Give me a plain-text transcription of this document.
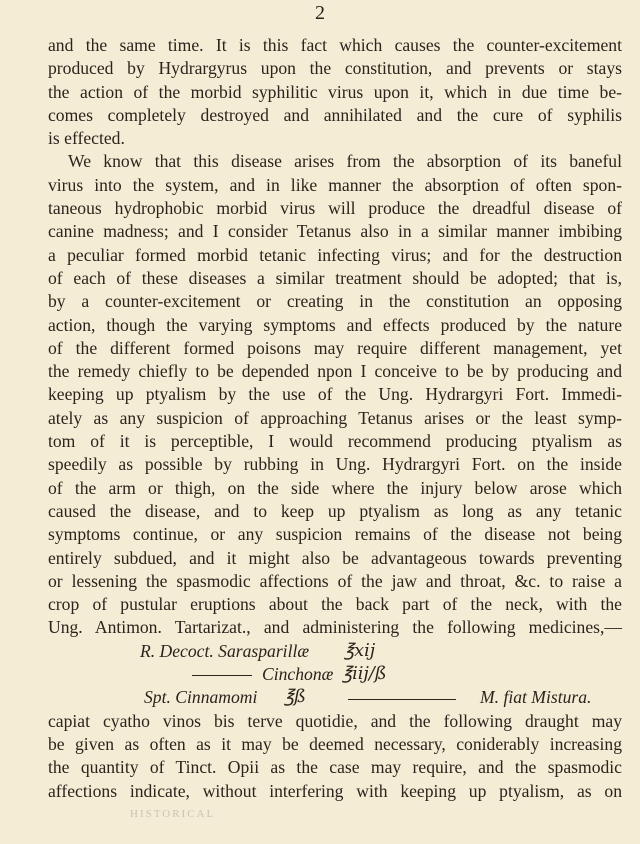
2
and the same time. It is this fact which causes the counter-excitement
produced by Hydrargyrus upon the constitution, and prevents or stays
the action of the morbid syphilitic virus upon it, which in due time be-
comes completely destroyed and annihilated and the cure of syphilis
is effected.
We know that this disease arises from the absorption of its baneful
virus into the system, and in like manner the absorption of often spon-
taneous hydrophobic morbid virus will produce the dreadful disease of
canine madness; and I consider Tetanus also in a similar manner imbibing
a peculiar formed morbid tetanic infecting virus; and for the destruction
of each of these diseases a similar treatment should be adopted; that is,
by a counter-excitement or creating in the constitution an opposing
action, though the varying symptoms and effects produced by the nature
of the different formed poisons may require different management, yet
the remedy chiefly to be depended npon I conceive to be by producing and
keeping up ptyalism by the use of the Ung. Hydrargyri Fort. Immedi-
ately as any suspicion of approaching Tetanus arises or the least symp-
tom of it is perceptible, I would recommend producing ptyalism as
speedily as possible by rubbing in Ung. Hydrargyri Fort. on the inside
of the arm or thigh, on the side where the injury below arose which
caused the disease, and to keep up ptyalism as long as any tetanic
symptoms continue, or any suspicion remains of the disease not being
entirely subdued, and it might also be advantageous towards preventing
or lessening the spasmodic affections of the jaw and throat, &c. to raise a
crop of pustular eruptions about the back part of the neck, with the
Ung. Antimon. Tartarizat., and administering the following medicines,—
R. Decoct. Sarasparillæ ℥xij
Cinchonæ ℥iij/ß
Spt. Cinnamomi ℥ß	M. fiat Mistura.
capiat cyatho vinos bis terve quotidie, and the following draught may
be given as often as it may be deemed necessary, coniderably increasing
the quantity of Tinct. Opii as the case may require, and the spasmodic
affections indicate, without interfering with keeping up ptyalism, as on
HISTORICAL
